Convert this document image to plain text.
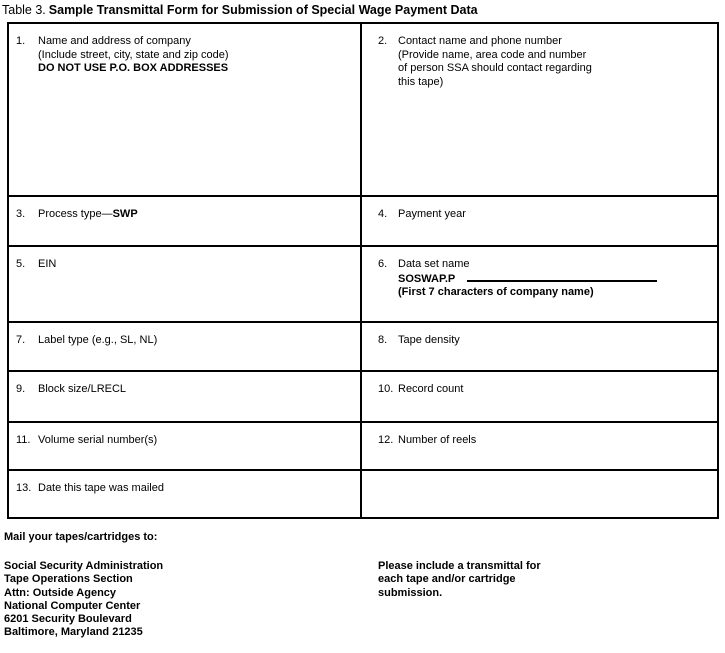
Table 3. Sample Transmittal Form for Submission of Special Wage Payment Data
1.	Name and address of company
(Include street, city, state and zip code)
DO NOT USE P.O. BOX ADDRESSES
2. Contact name and phone number
(Provide name, area code and number
of person SSA should contact regarding
this tape)
3.	Process type—SWP	4. Payment year
5.	EIN	6. Data set name
SOSWAP.P
(First 7 characters of company name)
7.	Label type (e.g., SL, NL)	8. Tape density
9.	Block size/LRECL	10. Record count
11. Volume serial number(s)	12. Number of reels
13. Date this tape was mailed
Mail your tapes/cartridges to:
Social Security Administration
Tape Operations Section
Attn: Outside Agency
National Computer Center
6201 Security Boulevard
Baltimore, Maryland 21235
Please include a transmittal for
each tape and/or cartridge
submission.
